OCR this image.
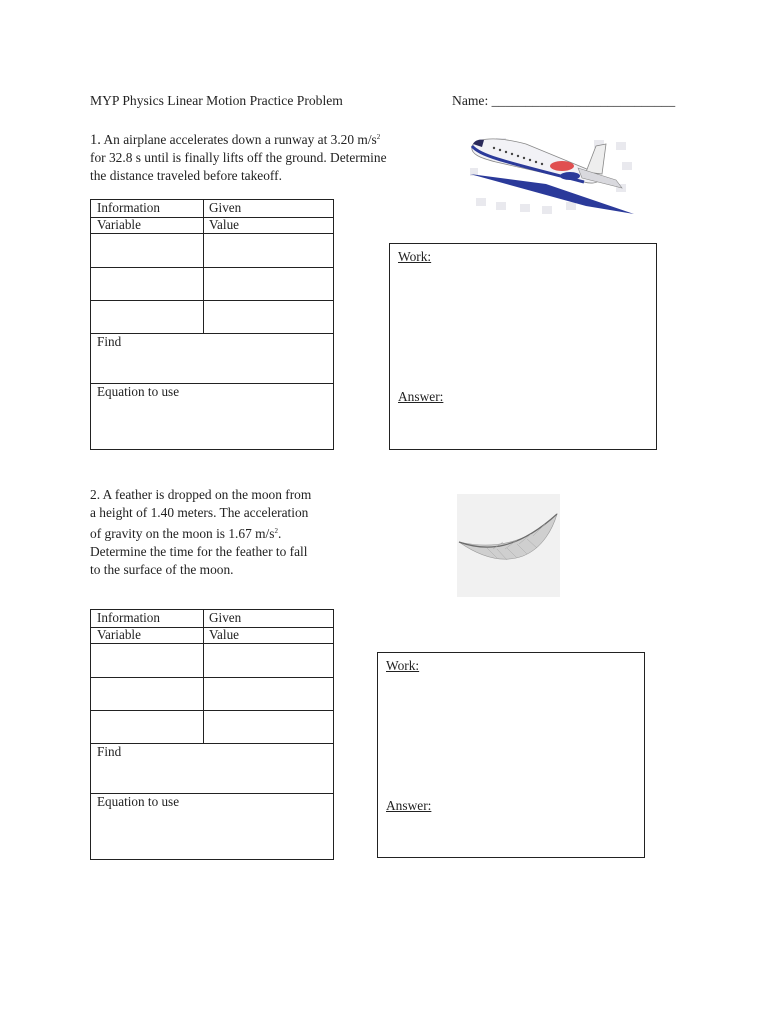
MYP Physics Linear Motion Practice Problem	Name: ___________________________
1. An airplane accelerates down a runway at 3.20 $m/s^2$
for 32.8 s until is finally lifts off the ground. Determine
the distance traveled before takeoff.
Information
Variable
Given
Value
Find
Equation to use
Work:
Answer:
2. A feather is dropped on the moon from
a height of 1.40 meters. The acceleration
of gravity on the moon is 1.67 $m/s^2$.
Determine the time for the feather to fall
to the surface of the moon.
Information
Variable
Given
Value
Find
Equation to use
Work:
Answer:
